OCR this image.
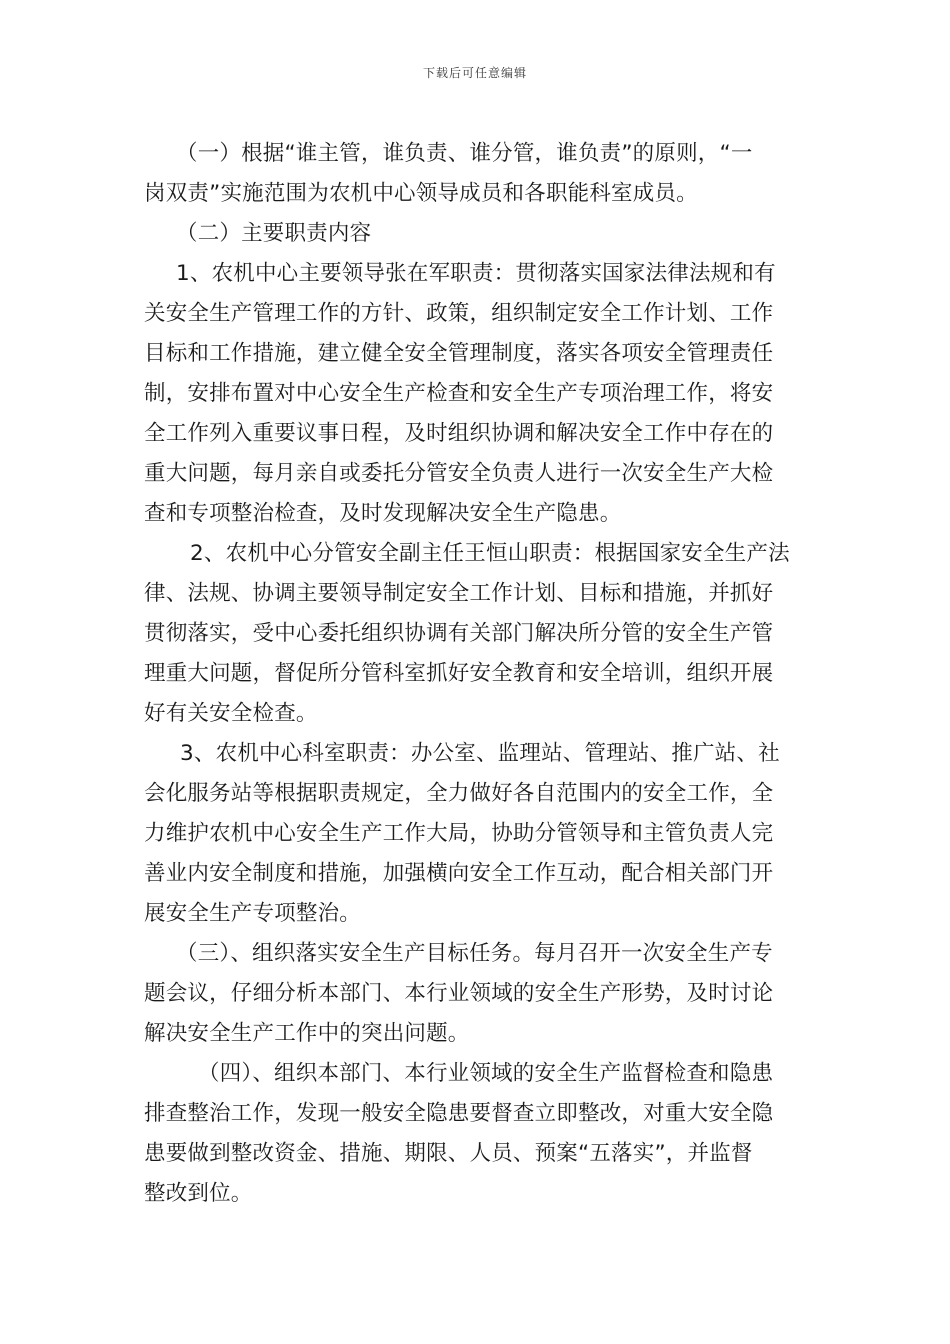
下载后可任意编辑
（一）根据“谁主管，谁负责、谁分管，谁负责”的原则，“一
岗双责”实施范围为农机中心领导成员和各职能科室成员。
（二）主要职责内容
1、农机中心主要领导张在军职责：贯彻落实国家法律法规和有
关安全生产管理工作的方针、政策，组织制定安全工作计划、工作
目标和工作措施，建立健全安全管理制度，落实各项安全管理责任
制，安排布置对中心安全生产检查和安全生产专项治理工作，将安
全工作列入重要议事日程，及时组织协调和解决安全工作中存在的
重大问题，每月亲自或委托分管安全负责人进行一次安全生产大检
查和专项整治检查，及时发现解决安全生产隐患。
2、农机中心分管安全副主任王恒山职责：根据国家安全生产法
律、法规、协调主要领导制定安全工作计划、目标和措施，并抓好
贯彻落实，受中心委托组织协调有关部门解决所分管的安全生产管
理重大问题，督促所分管科室抓好安全教育和安全培训，组织开展
好有关安全检查。
3、农机中心科室职责：办公室、监理站、管理站、推广站、社
会化服务站等根据职责规定，全力做好各自范围内的安全工作，全
力维护农机中心安全生产工作大局，协助分管领导和主管负责人完
善业内安全制度和措施，加强横向安全工作互动，配合相关部门开
展安全生产专项整治。
（三）、组织落实安全生产目标任务。每月召开一次安全生产专
题会议，仔细分析本部门、本行业领域的安全生产形势，及时讨论
解决安全生产工作中的突出问题。
（四）、组织本部门、本行业领域的安全生产监督检查和隐患
排查整治工作，发现一般安全隐患要督查立即整改，对重大安全隐
患要做到整改资金、措施、期限、人员、预案“五落实”，并监督
整改到位。
